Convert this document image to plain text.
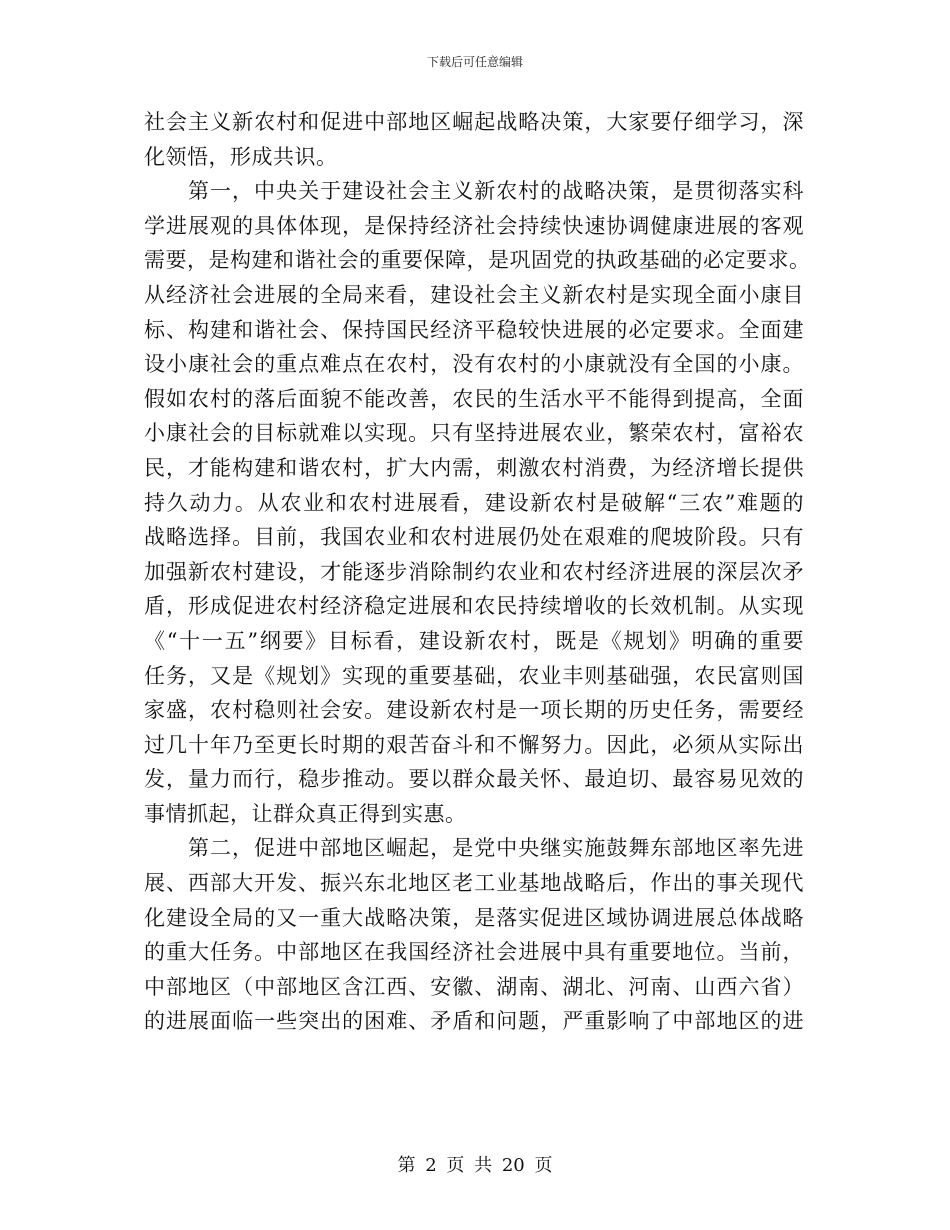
下载后可任意编辑
社会主义新农村和促进中部地区崛起战略决策，大家要仔细学习，深
化领悟，形成共识。
第一，中央关于建设社会主义新农村的战略决策，是贯彻落实科
学进展观的具体体现，是保持经济社会持续快速协调健康进展的客观
需要，是构建和谐社会的重要保障，是巩固党的执政基础的必定要求。
从经济社会进展的全局来看，建设社会主义新农村是实现全面小康目
标、构建和谐社会、保持国民经济平稳较快进展的必定要求。全面建
设小康社会的重点难点在农村，没有农村的小康就没有全国的小康。
假如农村的落后面貌不能改善，农民的生活水平不能得到提高，全面
小康社会的目标就难以实现。只有坚持进展农业，繁荣农村，富裕农
民，才能构建和谐农村，扩大内需，刺激农村消费，为经济增长提供
持久动力。从农业和农村进展看，建设新农村是破解“三农”难题的
战略选择。目前，我国农业和农村进展仍处在艰难的爬坡阶段。只有
加强新农村建设，才能逐步消除制约农业和农村经济进展的深层次矛
盾，形成促进农村经济稳定进展和农民持续增收的长效机制。从实现
《“十一五”纲要》目标看，建设新农村，既是《规划》明确的重要
任务，又是《规划》实现的重要基础，农业丰则基础强，农民富则国
家盛，农村稳则社会安。建设新农村是一项长期的历史任务，需要经
过几十年乃至更长时期的艰苦奋斗和不懈努力。因此，必须从实际出
发，量力而行，稳步推动。要以群众最关怀、最迫切、最容易见效的
事情抓起，让群众真正得到实惠。
第二，促进中部地区崛起，是党中央继实施鼓舞东部地区率先进
展、西部大开发、振兴东北地区老工业基地战略后，作出的事关现代
化建设全局的又一重大战略决策，是落实促进区域协调进展总体战略
的重大任务。中部地区在我国经济社会进展中具有重要地位。当前，
中部地区（中部地区含江西、安徽、湖南、湖北、河南、山西六省）
的进展面临一些突出的困难、矛盾和问题，严重影响了中部地区的进
第 2 页 共 20 页
